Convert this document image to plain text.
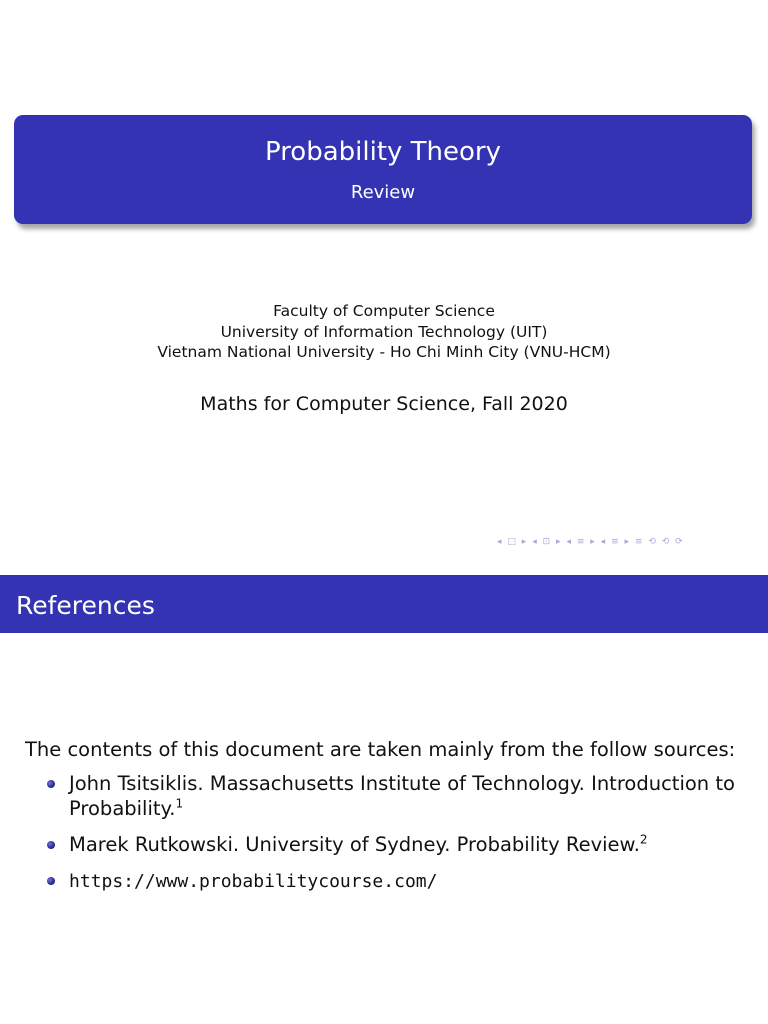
Probability Theory
Review
Faculty of Computer Science
University of Information Technology (UIT)
Vietnam National University - Ho Chi Minh City (VNU-HCM)
Maths for Computer Science, Fall 2020
◂ □ ▸ ◂ ⊡ ▸ ◂ ≡ ▸ ◂ ≡ ▸ ≡ ⟲ ⟲ ⟳
References

The contents of this document are taken mainly from the follow sources:

John Tsitsiklis. Massachusetts Institute of Technology. Introduction to Probability.$^1$
Marek Rutkowski. University of Sydney. Probability Review.$^2$
https://www.probabilitycourse.com/
